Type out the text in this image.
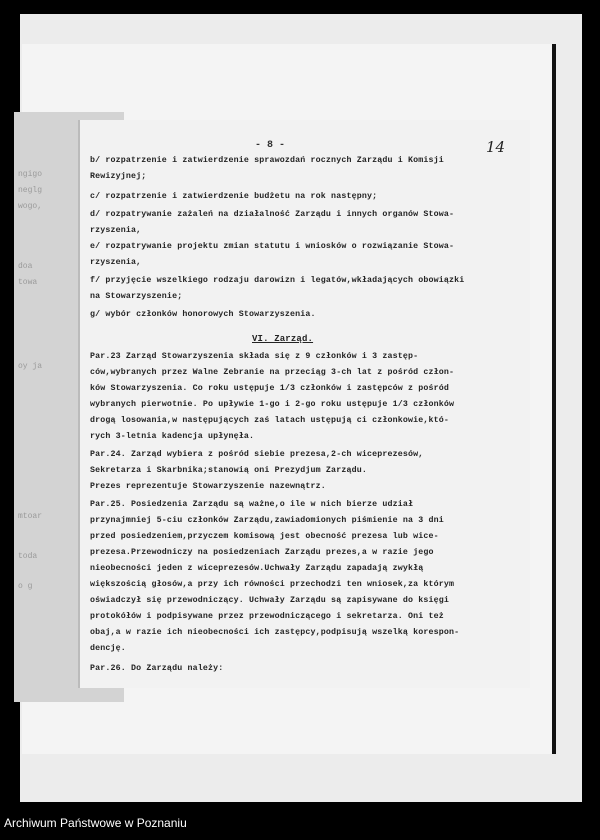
ngigo
neglg
wogo,
doa
towa
oy ja
mtoar
toda
o g
- 8 -	14
b/ rozpatrzenie i zatwierdzenie sprawozdań rocznych Zarządu i Komisji
Rewizyjnej;
c/ rozpatrzenie i zatwierdzenie budżetu na rok następny;
d/ rozpatrywanie zażaleń na działalność Zarządu i innych organów Stowa-
rzyszenia,
e/ rozpatrywanie projektu zmian statutu i wniosków o rozwiązanie Stowa-
rzyszenia,
f/ przyjęcie wszelkiego rodzaju darowizn i legatów,wkładających obowiązki
na Stowarzyszenie;
g/ wybór członków honorowych Stowarzyszenia.
VI. Zarząd.
Par.23 Zarząd Stowarzyszenia składa się z 9 członków i 3 zastęp-
ców,wybranych przez Walne Zebranie na przeciąg 3-ch lat z pośród człon-
ków Stowarzyszenia. Co roku ustępuje 1/3 członków i zastępców z pośród
wybranych pierwotnie. Po upływie 1-go i 2-go roku ustępuje 1/3 członków
drogą losowania,w następujących zaś latach ustępują ci członkowie,któ-
rych 3-letnia kadencja upłynęła.
Par.24. Zarząd wybiera z pośród siebie prezesa,2-ch wiceprezesów,
Sekretarza i Skarbnika;stanowią oni Prezydjum Zarządu.
Prezes reprezentuje Stowarzyszenie nazewnątrz.
Par.25. Posiedzenia Zarządu są ważne,o ile w nich bierze udział
przynajmniej 5-ciu członków Zarządu,zawiadomionych piśmienie na 3 dni
przed posiedzeniem,przyczem komisową jest obecność prezesa lub wice-
prezesa.Przewodniczy na posiedzeniach Zarządu prezes,a w razie jego
nieobecności jeden z wiceprezesów.Uchwały Zarządu zapadają zwykłą
większością głosów,a przy ich równości przechodzi ten wniosek,za którym
oświadczył się przewodniczący. Uchwały Zarządu są zapisywane do księgi
protokółów i podpisywane przez przewodniczącego i sekretarza. Oni też
obaj,a w razie ich nieobecności ich zastępcy,podpisują wszelką korespon-
dencję.
Par.26. Do Zarządu należy:
Archiwum Państwowe w Poznaniu
